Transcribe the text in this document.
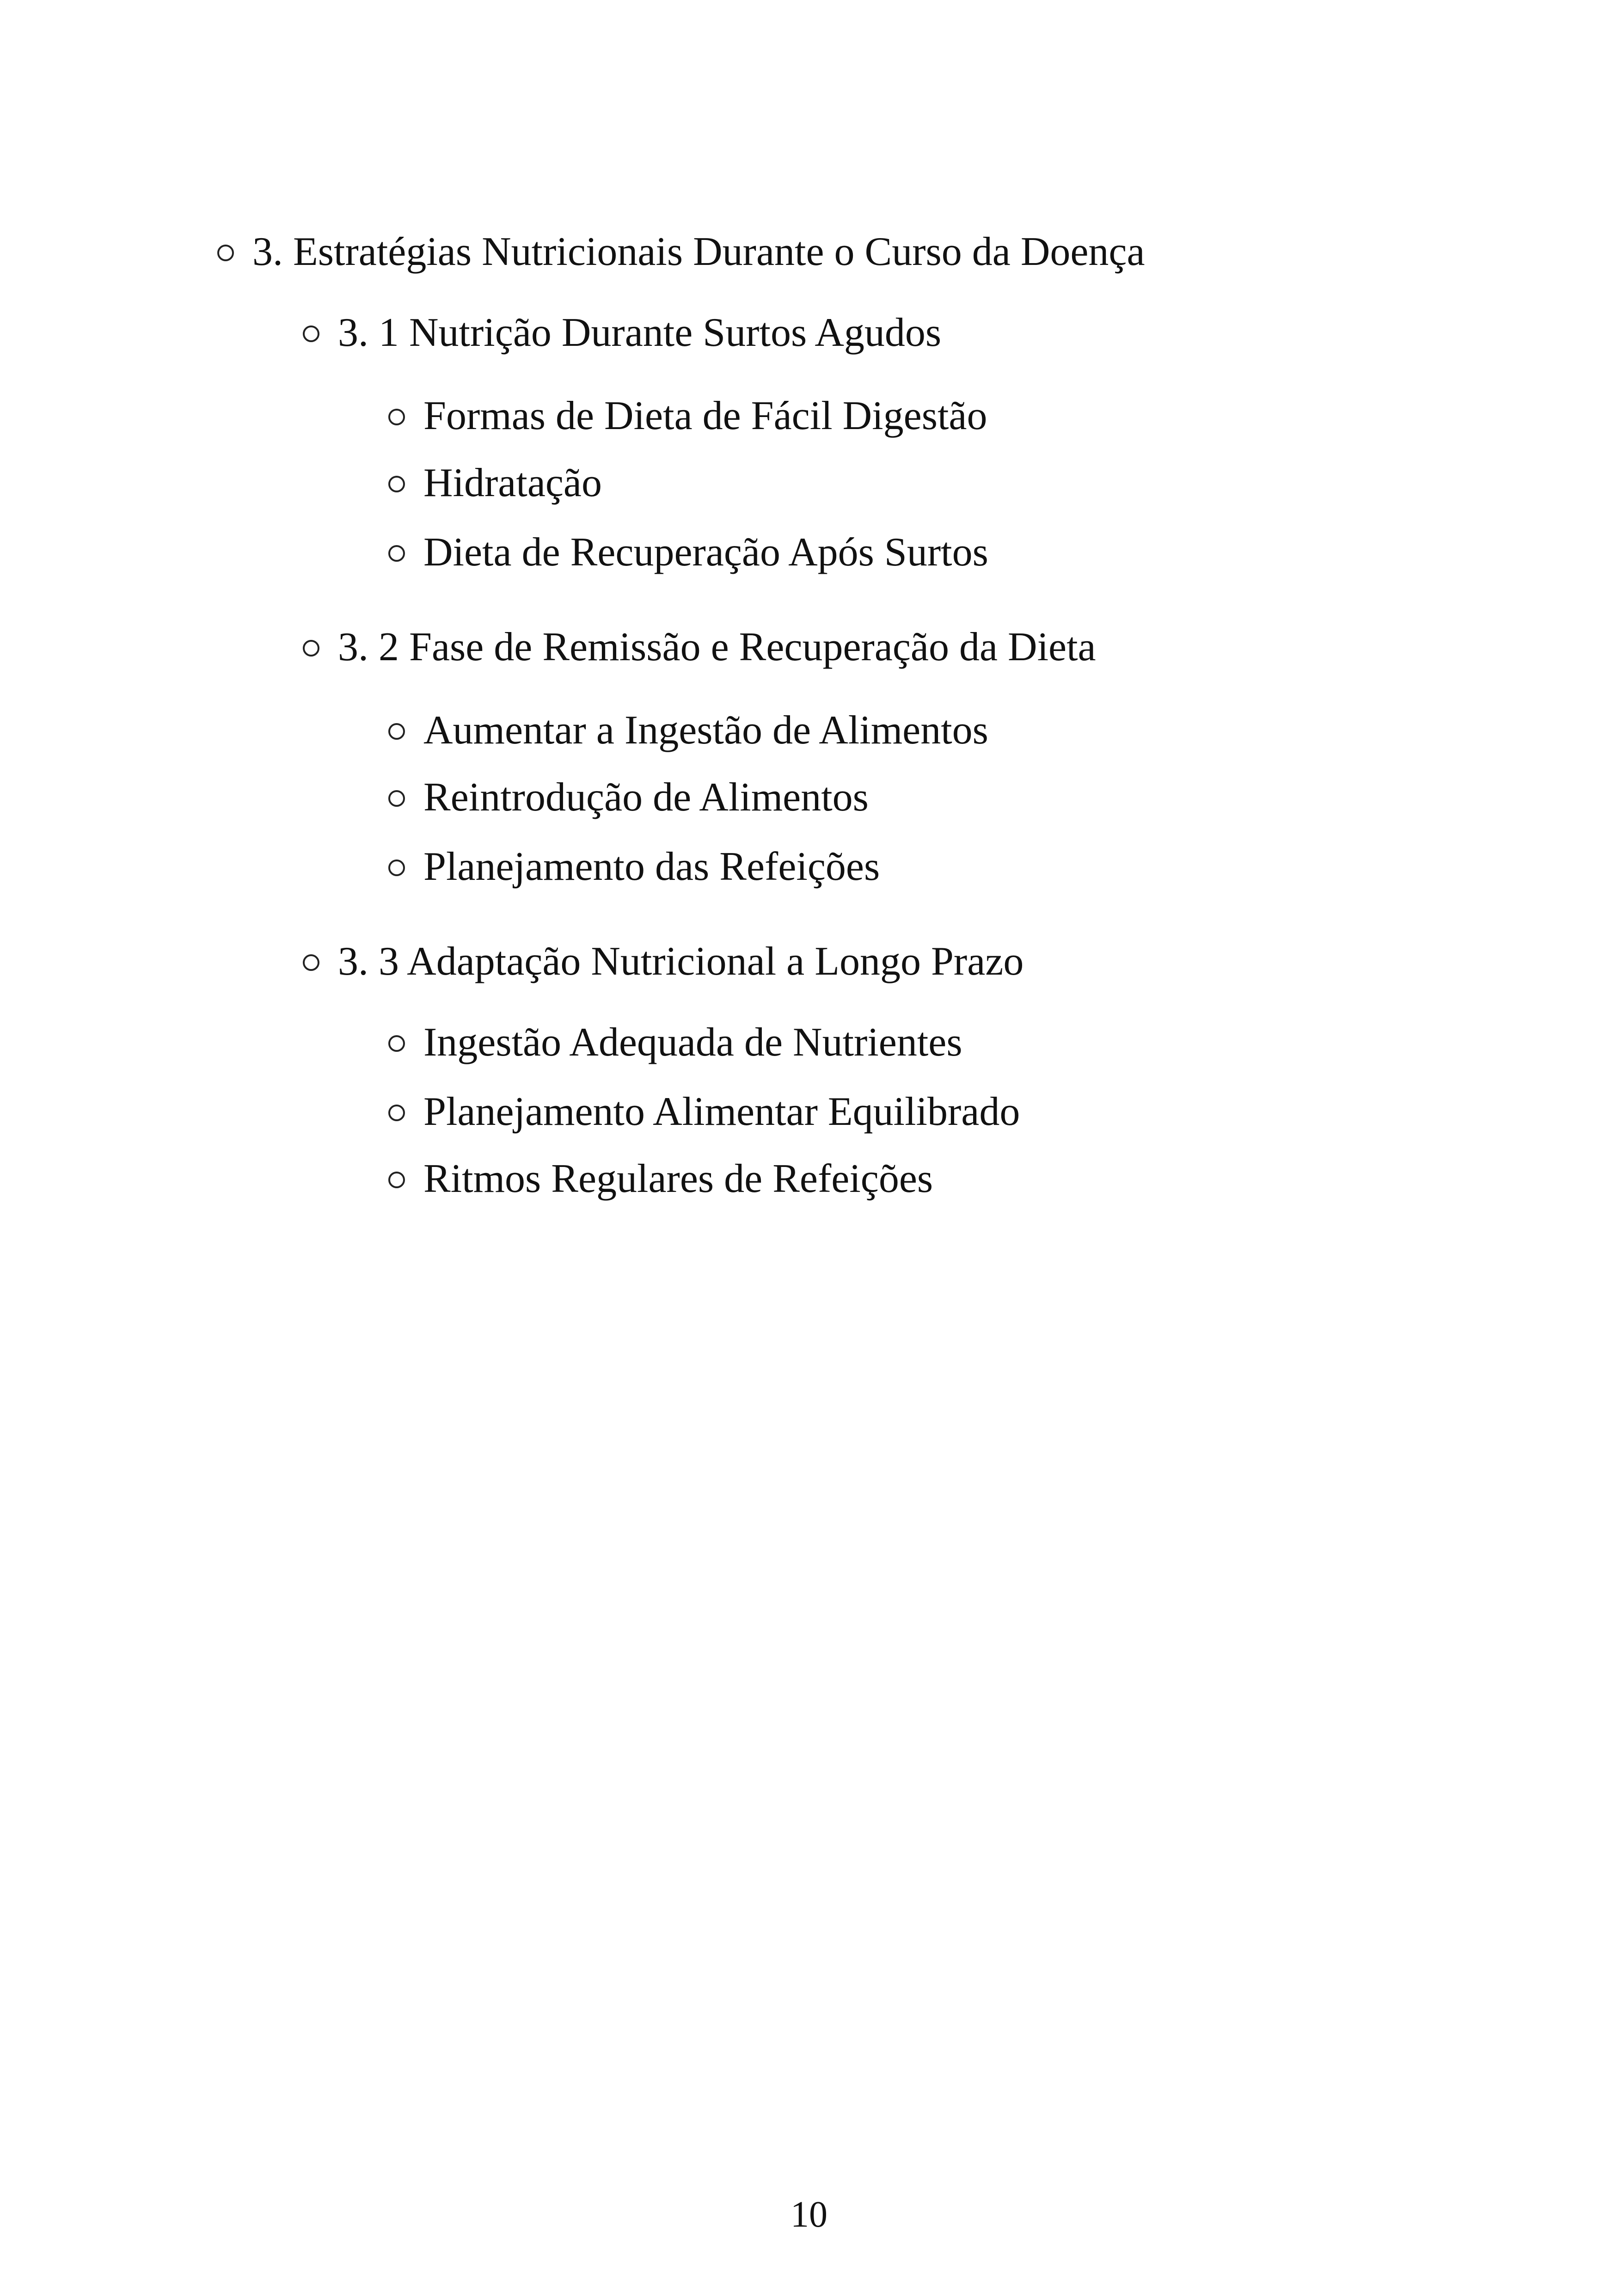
3. Estratégias Nutricionais Durante o Curso da Doença
3. 1 Nutrição Durante Surtos Agudos
Formas de Dieta de Fácil Digestão
Hidratação
Dieta de Recuperação Após Surtos
3. 2 Fase de Remissão e Recuperação da Dieta
Aumentar a Ingestão de Alimentos
Reintrodução de Alimentos
Planejamento das Refeições
3. 3 Adaptação Nutricional a Longo Prazo
Ingestão Adequada de Nutrientes
Planejamento Alimentar Equilibrado
Ritmos Regulares de Refeições
10
